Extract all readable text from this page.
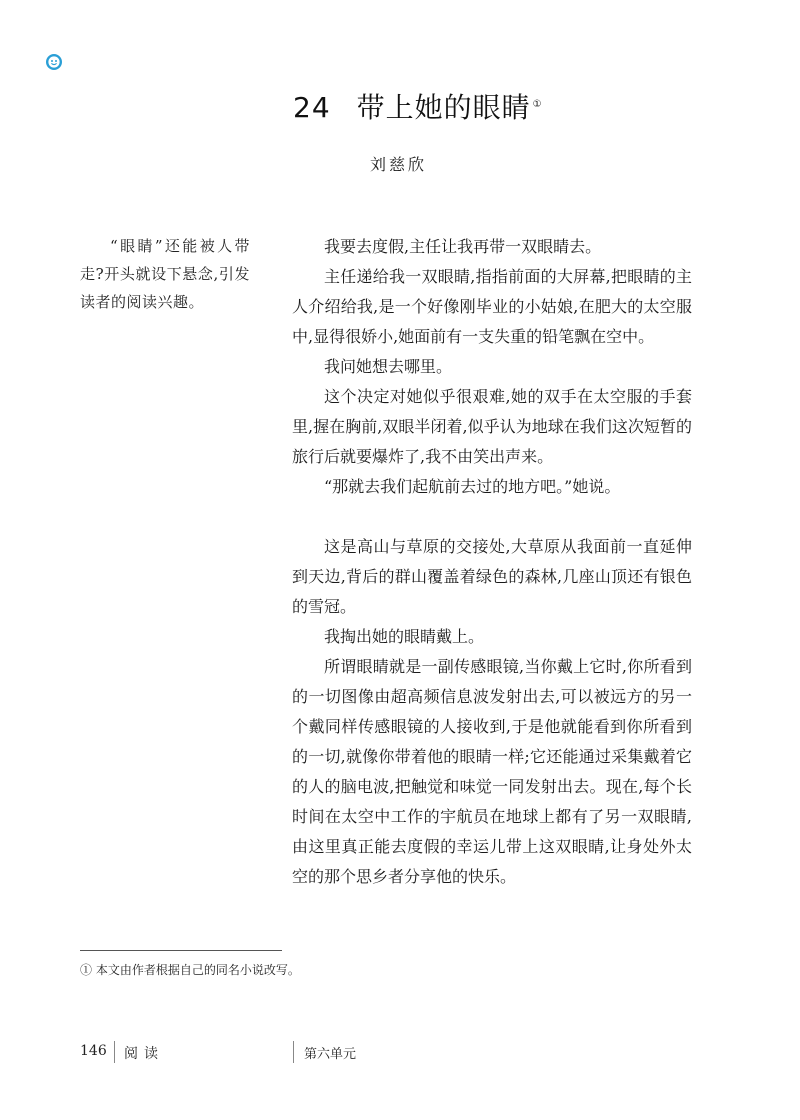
24 带上她的眼睛 ①
刘慈欣
“眼睛”还能被人带走?开头就设下悬念,引发读者的阅读兴趣。

我要去度假,主任让我再带一双眼睛去。

主任递给我一双眼睛,指指前面的大屏幕,把眼睛的主人介绍给我,是一个好像刚毕业的小姑娘,在肥大的太空服中,显得很娇小,她面前有一支失重的铅笔飘在空中。

我问她想去哪里。

这个决定对她似乎很艰难,她的双手在太空服的手套里,握在胸前,双眼半闭着,似乎认为地球在我们这次短暂的旅行后就要爆炸了,我不由笑出声来。

“那就去我们起航前去过的地方吧。”她说。

这是高山与草原的交接处,大草原从我面前一直延伸到天边,背后的群山覆盖着绿色的森林,几座山顶还有银色的雪冠。

我掏出她的眼睛戴上。

所谓眼睛就是一副传感眼镜,当你戴上它时,你所看到的一切图像由超高频信息波发射出去,可以被远方的另一个戴同样传感眼镜的人接收到,于是他就能看到你所看到的一切,就像你带着他的眼睛一样;它还能通过采集戴着它的人的脑电波,把触觉和味觉一同发射出去。现在,每个长时间在太空中工作的宇航员在地球上都有了另一双眼睛,由这里真正能去度假的幸运儿带上这双眼睛,让身处外太空的那个思乡者分享他的快乐。

① 本文由作者根据自己的同名小说改写。
146 阅读	第六单元
